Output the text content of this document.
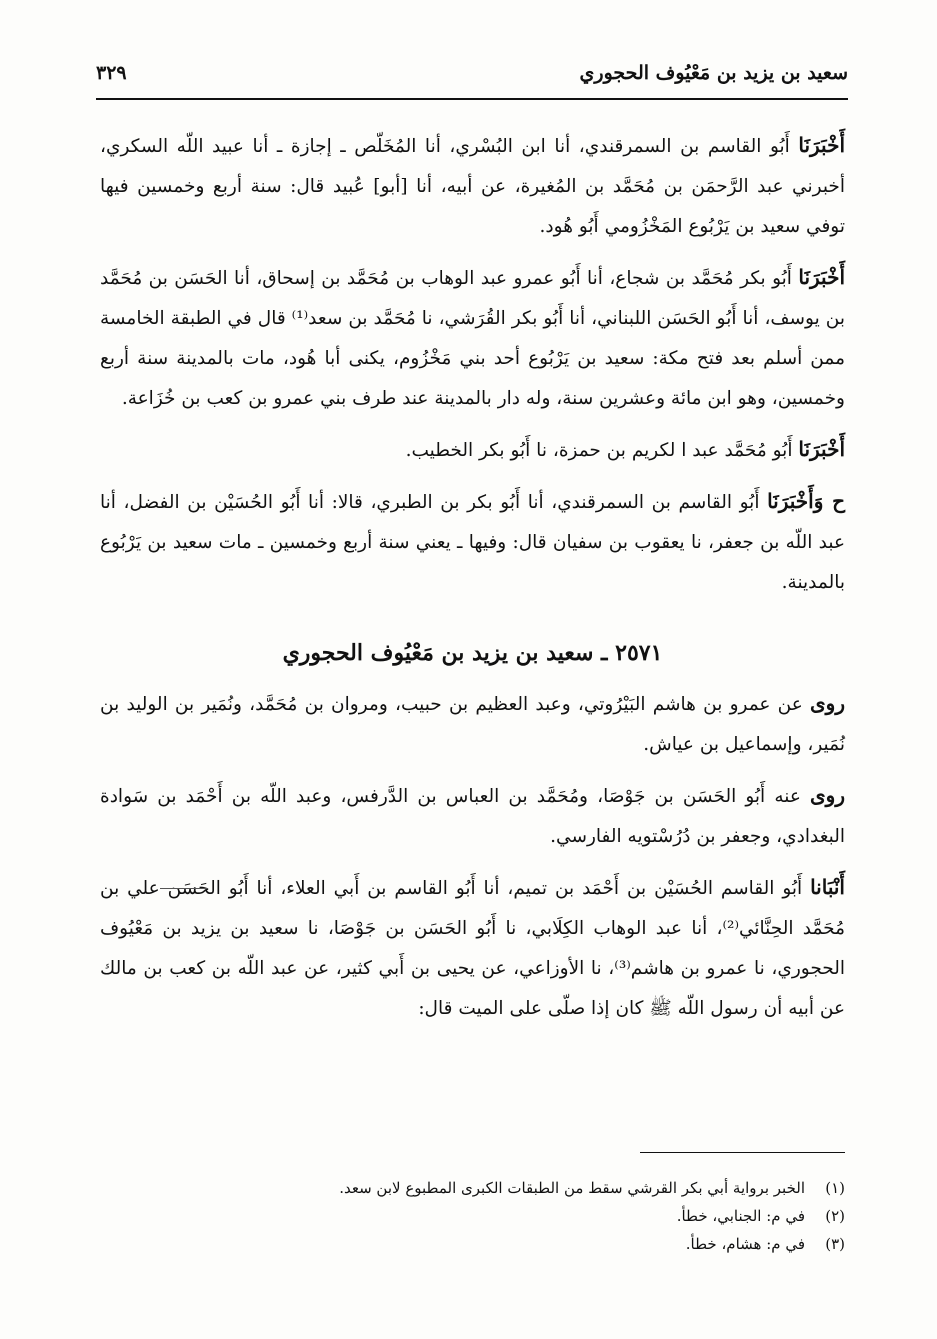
سعيد بن يزيد بن مَعْيُوف الحجوري
٣٢٩

أَخْبَرَنَا أَبُو القاسم بن السمرقندي، أنا ابن البُسْري، أنا المُخَلّص ـ إجازة ـ أنا عبيد اللّه السكري، أخبرني عبد الرَّحمَن بن مُحَمَّد بن المُغيرة، عن أبيه، أنا [أبو] عُبيد قال: سنة أربع وخمسين فيها توفي سعيد بن يَرْبُوع المَخْزُومي أَبُو هُود.

أَخْبَرَنَا أَبُو بكر مُحَمَّد بن شجاع، أنا أَبُو عمرو عبد الوهاب بن مُحَمَّد بن إسحاق، أنا الحَسَن بن مُحَمَّد بن يوسف، أنا أَبُو الحَسَن اللبناني، أنا أَبُو بكر القُرَشي، نا مُحَمَّد بن سعد⁽¹⁾ قال في الطبقة الخامسة ممن أسلم بعد فتح مكة: سعيد بن يَرْبُوع أحد بني مَخْزُوم، يكنى أبا هُود، مات بالمدينة سنة أربع وخمسين، وهو ابن مائة وعشرين سنة، وله دار بالمدينة عند طرف بني عمرو بن كعب بن خُزَاعة.

أَخْبَرَنَا أَبُو مُحَمَّد عبد ا لكريم بن حمزة، نا أَبُو بكر الخطيب.

ح وَأَخْبَرَنَا أَبُو القاسم بن السمرقندي، أنا أَبُو بكر بن الطبري، قالا: أنا أَبُو الحُسَيْن بن الفضل، أنا عبد اللّه بن جعفر، نا يعقوب بن سفيان قال: وفيها ـ يعني سنة أربع وخمسين ـ مات سعيد بن يَرْبُوع بالمدينة.

٢٥٧١ ـ سعيد بن يزيد بن مَعْيُوف الحجوري

روى عن عمرو بن هاشم البَيْرُوتي، وعبد العظيم بن حبيب، ومروان بن مُحَمَّد، ونُمَير بن الوليد بن نُمَير، وإسماعيل بن عياش.

روى عنه أَبُو الحَسَن بن جَوْصَا، ومُحَمَّد بن العباس بن الدَّرفس، وعبد اللّه بن أَحْمَد بن سَوادة البغدادي، وجعفر بن دُرُسْتويه الفارسي.

أَنْبَانا أَبُو القاسم الحُسَيْن بن أَحْمَد بن تميم، أنا أَبُو القاسم بن أَبي العلاء، أنا أَبُو الحَسَن علي بن مُحَمَّد الحِنَّائي⁽²⁾، أنا عبد الوهاب الكِلَابي، نا أَبُو الحَسَن بن جَوْصَا، نا سعيد بن يزيد بن مَعْيُوف الحجوري، نا عمرو بن هاشم⁽³⁾، نا الأوزاعي، عن يحيى بن أَبي كثير، عن عبد اللّه بن كعب بن مالك عن أبيه أن رسول اللّه ﷺ كان إذا صلّى على الميت قال:

(١)الخبر برواية أبي بكر القرشي سقط من الطبقات الكبرى المطبوع لابن سعد.
(٢)في م: الجنابي، خطأ.
(٣)في م: هشام، خطأ.
